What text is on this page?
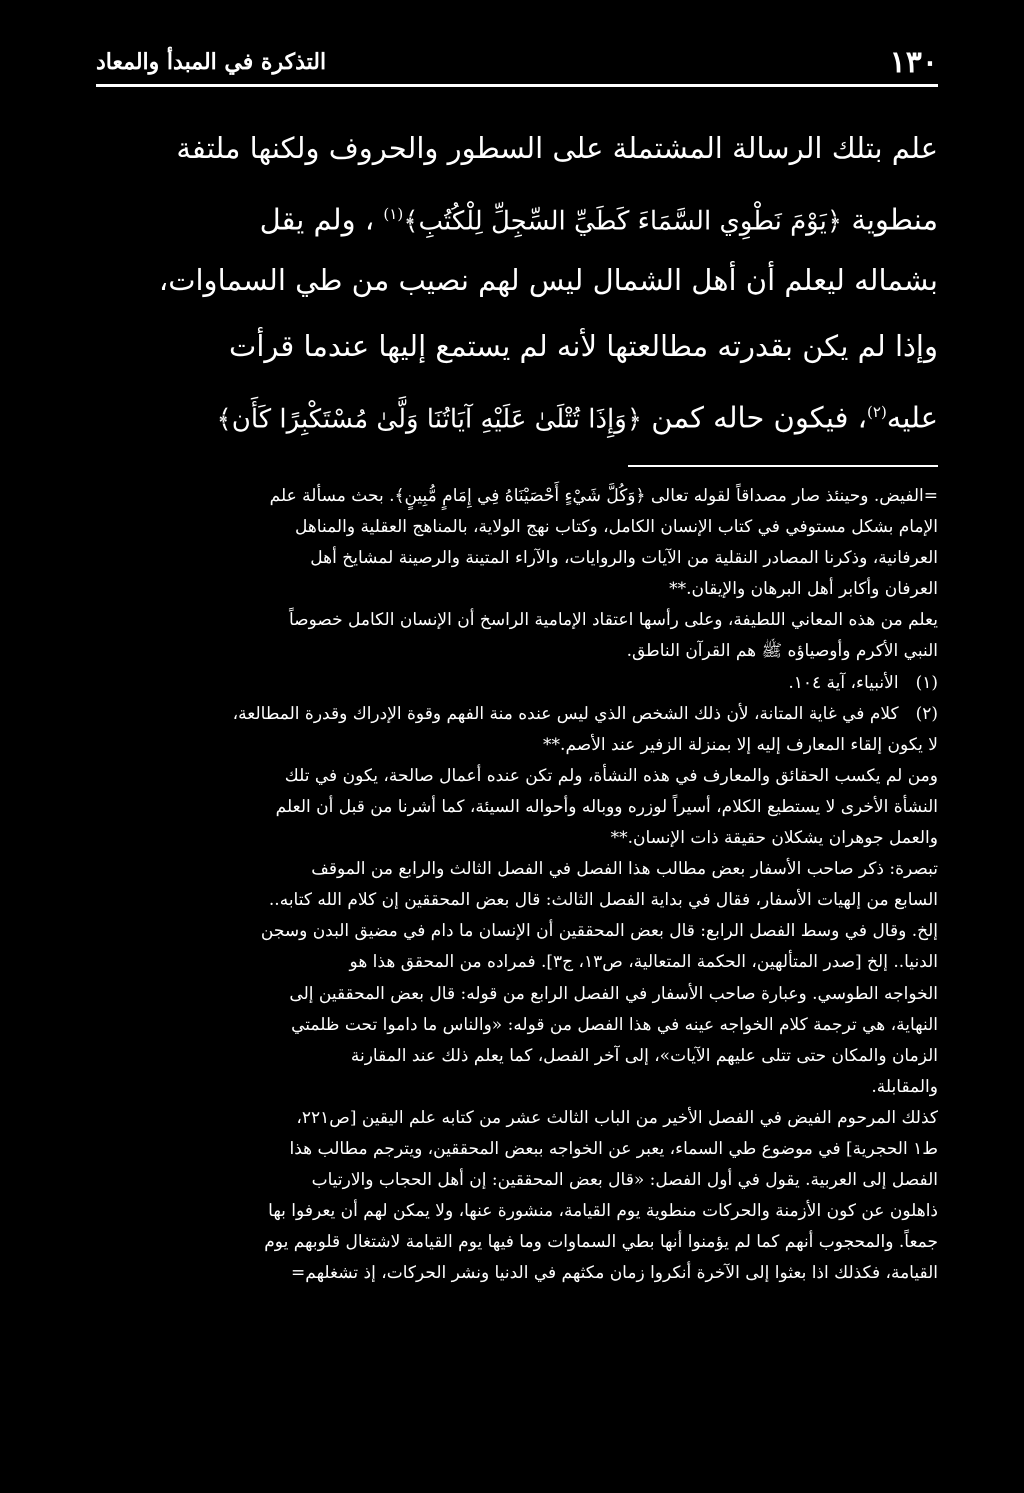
١٣٠
التذكرة في المبدأ والمعاد
علم بتلك الرسالة المشتملة على السطور والحروف ولكنها ملتفة
منطوية ﴿يَوْمَ نَطْوِي السَّمَاءَ كَطَيِّ السِّجِلِّ لِلْكُتُبِ﴾$^{(١)}$ ، ولم يقل
بشماله ليعلم أن أهل الشمال ليس لهم نصيب من طي السماوات،
وإذا لم يكن بقدرته مطالعتها لأنه لم يستمع إليها عندما قرأت
عليه$^{(٢)}$، فيكون حاله كمن ﴿وَإِذَا تُتْلَىٰ عَلَيْهِ آيَاتُنَا وَلَّىٰ مُسْتَكْبِرًا كَأَن﴾
=الفيض. وحينئذ صار مصداقاً لقوله تعالى ﴿وَكُلَّ شَيْءٍ أَحْصَيْنَاهُ فِي إِمَامٍ مُّبِينٍ﴾. بحث مسألة علم
الإمام بشكل مستوفي في كتاب الإنسان الكامل، وكتاب نهج الولاية، بالمناهج العقلية والمناهل
العرفانية، وذكرنا المصادر النقلية من الآيات والروايات، والآراء المتينة والرصينة لمشايخ أهل
العرفان وأكابر أهل البرهان والإيقان.**
يعلم من هذه المعاني اللطيفة، وعلى رأسها اعتقاد الإمامية الراسخ أن الإنسان الكامل خصوصاً
النبي الأكرم وأوصياؤه ﷺ هم القرآن الناطق.
(١) الأنبياء، آية ١٠٤.
(٢) كلام في غاية المتانة، لأن ذلك الشخص الذي ليس عنده منة الفهم وقوة الإدراك وقدرة المطالعة،
لا يكون إلقاء المعارف إليه إلا بمنزلة الزفير عند الأصم.**
ومن لم يكسب الحقائق والمعارف في هذه النشأة، ولم تكن عنده أعمال صالحة، يكون في تلك
النشأة الأخرى لا يستطيع الكلام، أسيراً لوزره ووباله وأحواله السيئة، كما أشرنا من قبل أن العلم
والعمل جوهران يشكلان حقيقة ذات الإنسان.**
تبصرة: ذكر صاحب الأسفار بعض مطالب هذا الفصل في الفصل الثالث والرابع من الموقف
السابع من إلهيات الأسفار، فقال في بداية الفصل الثالث: قال بعض المحققين إن كلام الله كتابه..
إلخ. وقال في وسط الفصل الرابع: قال بعض المحققين أن الإنسان ما دام في مضيق البدن وسجن
الدنيا.. إلخ [صدر المتألهين، الحكمة المتعالية، ص١٣، ج٣]. فمراده من المحقق هذا هو
الخواجه الطوسي. وعبارة صاحب الأسفار في الفصل الرابع من قوله: قال بعض المحققين إلى
النهاية، هي ترجمة كلام الخواجه عينه في هذا الفصل من قوله: «والناس ما داموا تحت ظلمتي
الزمان والمكان حتى تتلى عليهم الآيات»، إلى آخر الفصل، كما يعلم ذلك عند المقارنة
والمقابلة.
كذلك المرحوم الفيض في الفصل الأخير من الباب الثالث عشر من كتابه علم اليقين [ص٢٢١،
ط١ الحجرية] في موضوع طي السماء، يعبر عن الخواجه ببعض المحققين، ويترجم مطالب هذا
الفصل إلى العربية. يقول في أول الفصل: «قال بعض المحققين: إن أهل الحجاب والارتياب
ذاهلون عن كون الأزمنة والحركات منطوية يوم القيامة، منشورة عنها، ولا يمكن لهم أن يعرفوا بها
جمعاً. والمحجوب أنهم كما لم يؤمنوا أنها بطي السماوات وما فيها يوم القيامة لاشتغال قلوبهم يوم
القيامة، فكذلك اذا بعثوا إلى الآخرة أنكروا زمان مكثهم في الدنيا ونشر الحركات، إذ تشغلهم=
